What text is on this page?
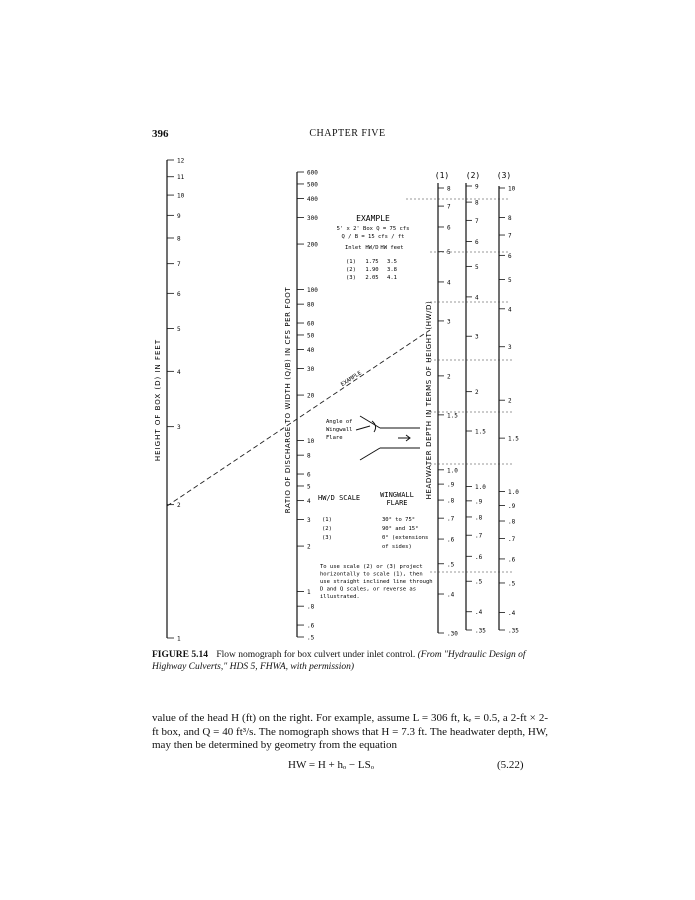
396	CHAPTER FIVE
12
11
10
9
8
7
6
5
4
3
2
1
HEIGHT OF BOX (D) IN FEET
600
500
400
300
200
100
80
60
50
40
30
20
10
8
6
5
4
3
2
1
.8
.6
.5
RATIO OF DISCHARGE TO WIDTH (Q/B) IN CFS PER FOOT	HEADWATER DEPTH IN TERMS OF HEIGHT (HW/D)
(1) (2) (3)
8
7
6
5
4
3
2
1.5
1.0
.9
.8
.7
.6
.5
.4
.30
9
8
7
6
5
4
3
2
1.5
1.0
.9
.8
.7
.6
.5
.4
.35
10
8
7
6
5
4
3
2
1.5
1.0
.9
.8
.7
.6
.5
.4
.35
EXAMPLE
EXAMPLE
5' x 2' Box Q = 75 cfs
Q / B = 15 cfs / ft
Inlet HW/D HW feet
(1) 1.75 3.5
(2) 1.90 3.8
(3) 2.05 4.1
Angle of
Wingwall
Flare
HW/D SCALE	WINGWALL
FLARE
(1)	30° to 75°
(2)	90° and 15°
(3)	0° (extensions
of sides)
To use scale (2) or (3) project
horizontally to scale (1), then
use straight inclined line through
D and Q scales, or reverse as
illustrated.
FIGURE 5.14 Flow nomograph for box culvert under inlet control. (From "Hydraulic Design of Highway Culverts," HDS 5, FHWA, with permission)
value of the head H (ft) on the right. For example, assume L = 306 ft, kₑ = 0.5, a 2-ft × 2-ft box, and Q = 40 ft³/s. The nomograph shows that H = 7.3 ft. The headwater depth, HW, may then be determined by geometry from the equation
HW = H + hₒ − LSₒ	(5.22)
